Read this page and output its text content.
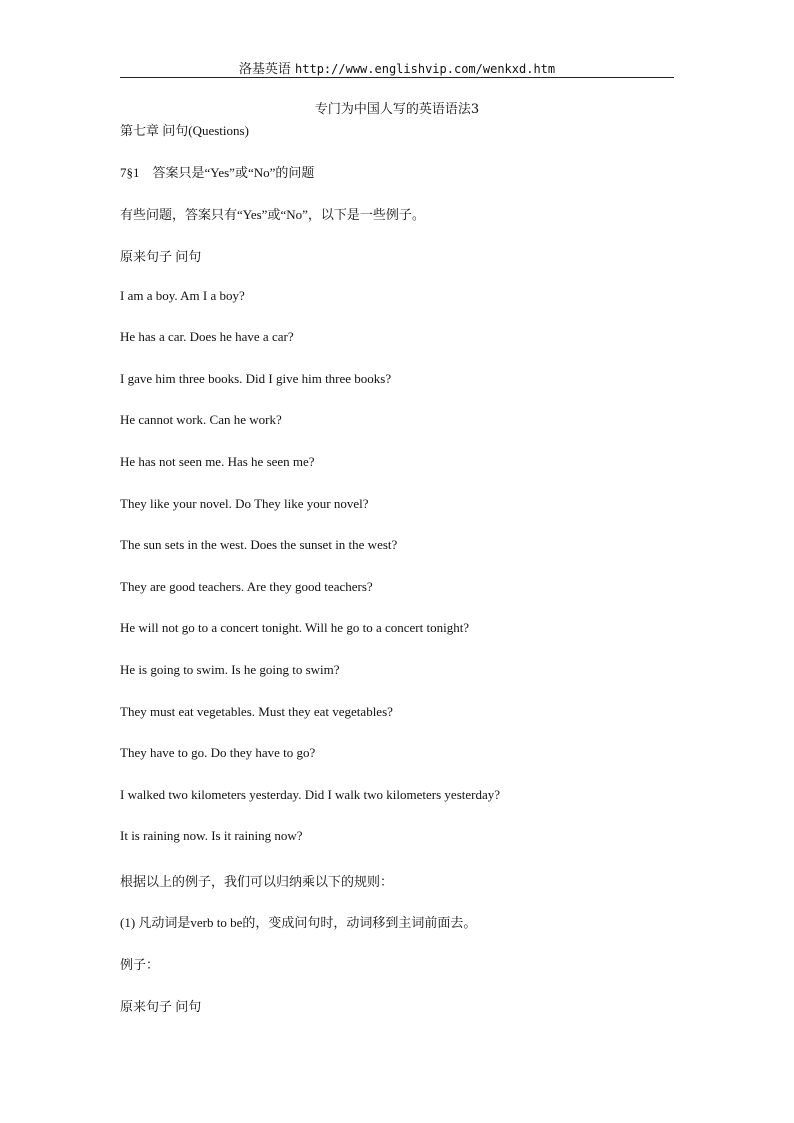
洛基英语 http://www.englishvip.com/wenkxd.htm
专门为中国人写的英语语法3
第七章 问句(Questions)
7§1　答案只是“Yes”或“No”的问题
有些问题，答案只有“Yes”或“No”，以下是一些例子。
原来句子 问句
I am a boy. Am I a boy?
He has a car. Does he have a car?
I gave him three books. Did I give him three books?
He cannot work. Can he work?
He has not seen me. Has he seen me?
They like your novel. Do They like your novel?
The sun sets in the west. Does the sunset in the west?
They are good teachers. Are they good teachers?
He will not go to a concert tonight. Will he go to a concert tonight?
He is going to swim. Is he going to swim?
They must eat vegetables. Must they eat vegetables?
They have to go. Do they have to go?
I walked two kilometers yesterday. Did I walk two kilometers yesterday?
It is raining now. Is it raining now?
根据以上的例子，我们可以归纳乘以下的规则：
(1) 凡动词是verb to be的，变成问句时，动词移到主词前面去。
例子：
原来句子 问句
